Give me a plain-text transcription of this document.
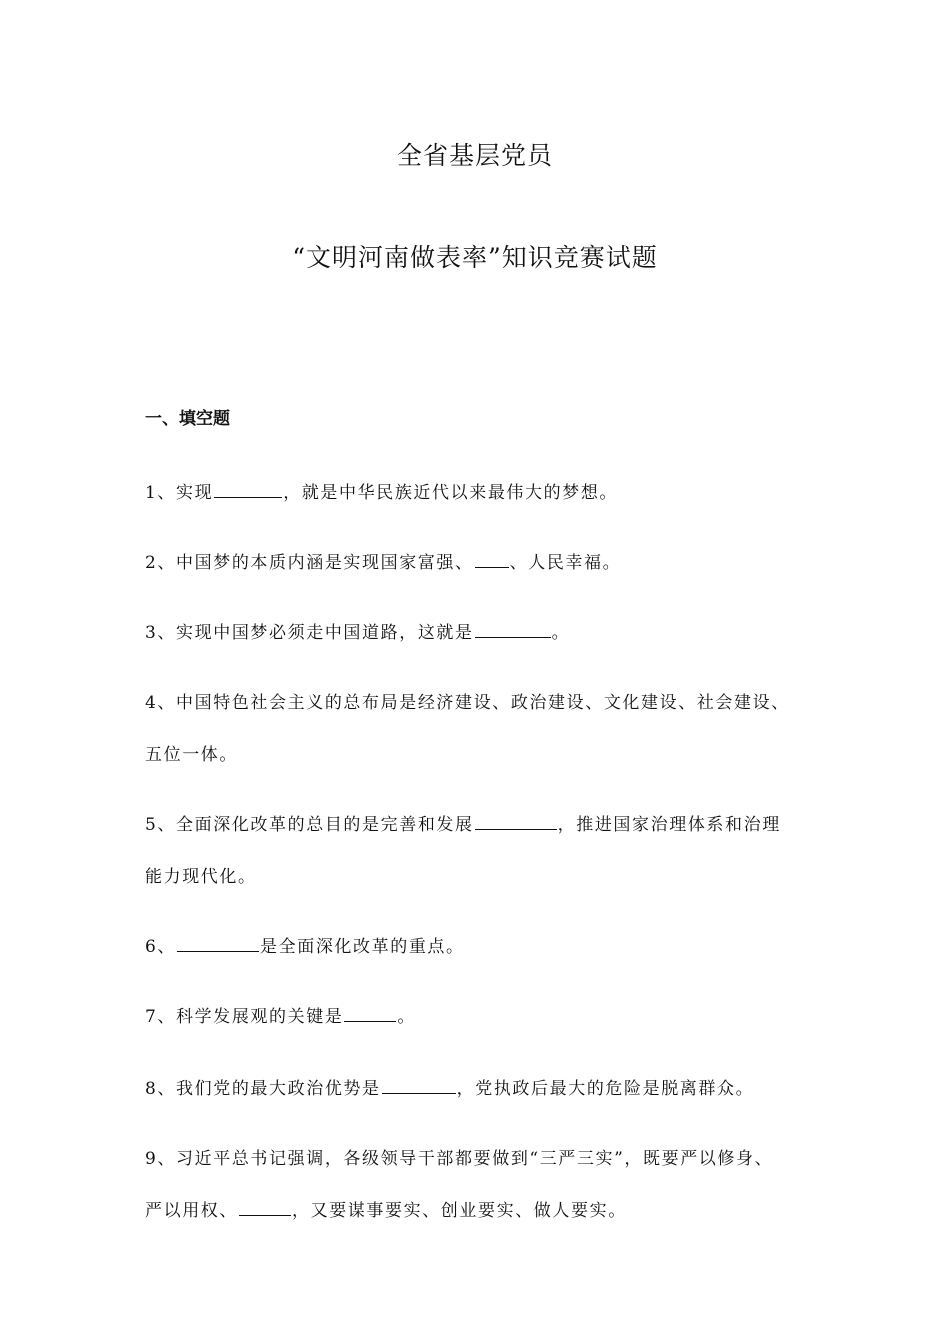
全省基层党员
“文明河南做表率”知识竞赛试题
一、填空题
1、实现	，就是中华民族近代以来最伟大的梦想。
2、中国梦的本质内涵是实现国家富强、 、人民幸福。
3、实现中国梦必须走中国道路，这就是	。
4、中国特色社会主义的总布局是经济建设、政治建设、文化建设、社会建设、
五位一体。
5、全面深化改革的总目的是完善和发展	，推进国家治理体系和治理
能力现代化。
6、	是全面深化改革的重点。
7、科学发展观的关键是	。
8、我们党的最大政治优势是	，党执政后最大的危险是脱离群众。
9、习近平总书记强调，各级领导干部都要做到“三严三实”，既要严以修身、
严以用权、	，又要谋事要实、创业要实、做人要实。
